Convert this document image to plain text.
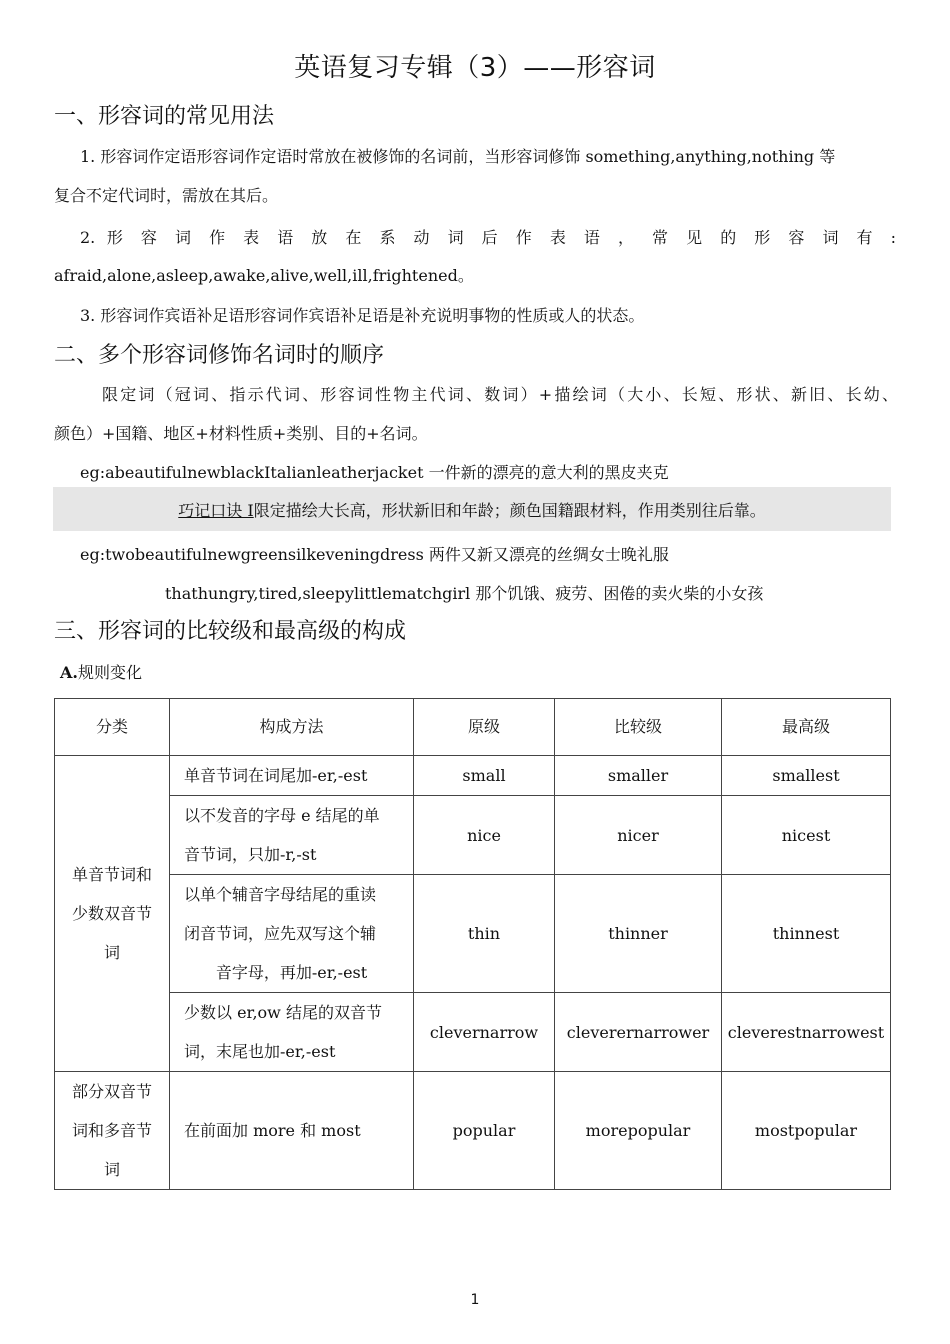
英语复习专辑（3）——形容词
一、形容词的常见用法
1. 形容词作定语形容词作定语时常放在被修饰的名词前，当形容词修饰 something,anything,nothing 等
复合不定代词时，需放在其后。
2. 形 容 词 作 表 语 放 在 系 动 词 后 作 表 语 ， 常 见 的 形 容 词 有 :
afraid,alone,asleep,awake,alive,well,ill,frightened。
3. 形容词作宾语补足语形容词作宾语补足语是补充说明事物的性质或人的状态。
二、多个形容词修饰名词时的顺序
限定词（冠词、指示代词、形容词性物主代词、数词）+描绘词（大小、长短、形状、新旧、长幼、
颜色）+国籍、地区+材料性质+类别、目的+名词。
eg:abeautifulnewblackItalianleatherjacket 一件新的漂亮的意大利的黑皮夹克
巧记口诀 I限定描绘大长高，形状新旧和年龄；颜色国籍跟材料，作用类别往后靠。
eg:twobeautifulnewgreensilkeveningdress 两件又新又漂亮的丝绸女士晚礼服
thathungry,tired,sleepylittlematchgirl 那个饥饿、疲劳、困倦的卖火柴的小女孩
三、形容词的比较级和最高级的构成
A.规则变化
分类	构成方法	原级	比较级	最高级

单音节词和
少数双音节
词	单音节词在词尾加-er,-est	small	smaller	smallest

	以不发音的字母 e 结尾的单
音节词，只加-r,-st	nice	nicer	nicest

	以单个辅音字母结尾的重读
闭音节词，应先双写这个辅
音字母，再加-er,-est	thin	thinner	thinnest

	少数以 er,ow 结尾的双音节
词，末尾也加-er,-est	clevernarrow	cleverernarrower	cleverestnarrowest

部分双音节
词和多音节
词	在前面加 more 和 most	popular	morepopular	mostpopular
1
